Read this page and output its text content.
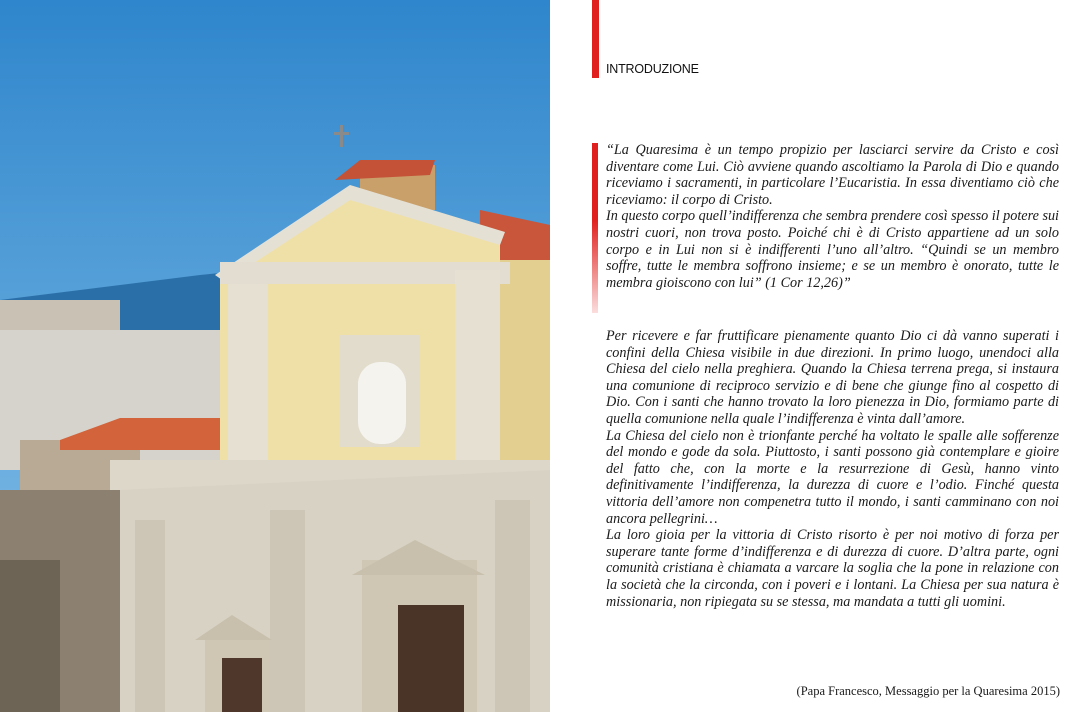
INTRODUZIONE

“La Quaresima è un tempo propizio per lasciarci servire da Cristo e così diventare come Lui. Ciò avviene quando ascoltiamo la Parola di Dio e quando riceviamo i sacramenti, in particolare l’Eucaristia. In essa diventiamo ciò che riceviamo: il corpo di Cristo.

In questo corpo quell’indifferenza che sembra prendere così spesso il potere sui nostri cuori, non trova posto. Poiché chi è di Cristo appartiene ad un solo corpo e in Lui non si è indifferenti l’uno all’altro. “Quindi se un membro soffre, tutte le membra soffrono insieme; e se un membro è onorato, tutte le membra gioiscono con lui” (1 Cor 12,26)”

Per ricevere e far fruttificare pienamente quanto Dio ci dà vanno superati i confini della Chiesa visibile in due direzioni. In primo luogo, unendoci alla Chiesa del cielo nella preghiera. Quando la Chiesa terrena prega, si instaura una comunione di reciproco servizio e di bene che giunge fino al cospetto di Dio. Con i santi che hanno trovato la loro pienezza in Dio, formiamo parte di quella comunione nella quale l’indifferenza è vinta dall’amore.

La Chiesa del cielo non è trionfante perché ha voltato le spalle alle sofferenze del mondo e gode da sola. Piuttosto, i santi possono già contemplare e gioire del fatto che, con la morte e la resurrezione di Gesù, hanno vinto definitivamente l’indifferenza, la durezza di cuore e l’odio. Finché questa vittoria dell’amore non compenetra tutto il mondo, i santi camminano con noi ancora pellegrini…

La loro gioia per la vittoria di Cristo risorto è per noi motivo di forza per superare tante forme d’indifferenza e di durezza di cuore. D’altra parte, ogni comunità cristiana è chiamata a varcare la soglia che la pone in relazione con la società che la circonda, con i poveri e i lontani. La Chiesa per sua natura è missionaria, non ripiegata su se stessa, ma mandata a tutti gli uomini.

(Papa Francesco, Messaggio per la Quaresima 2015)
